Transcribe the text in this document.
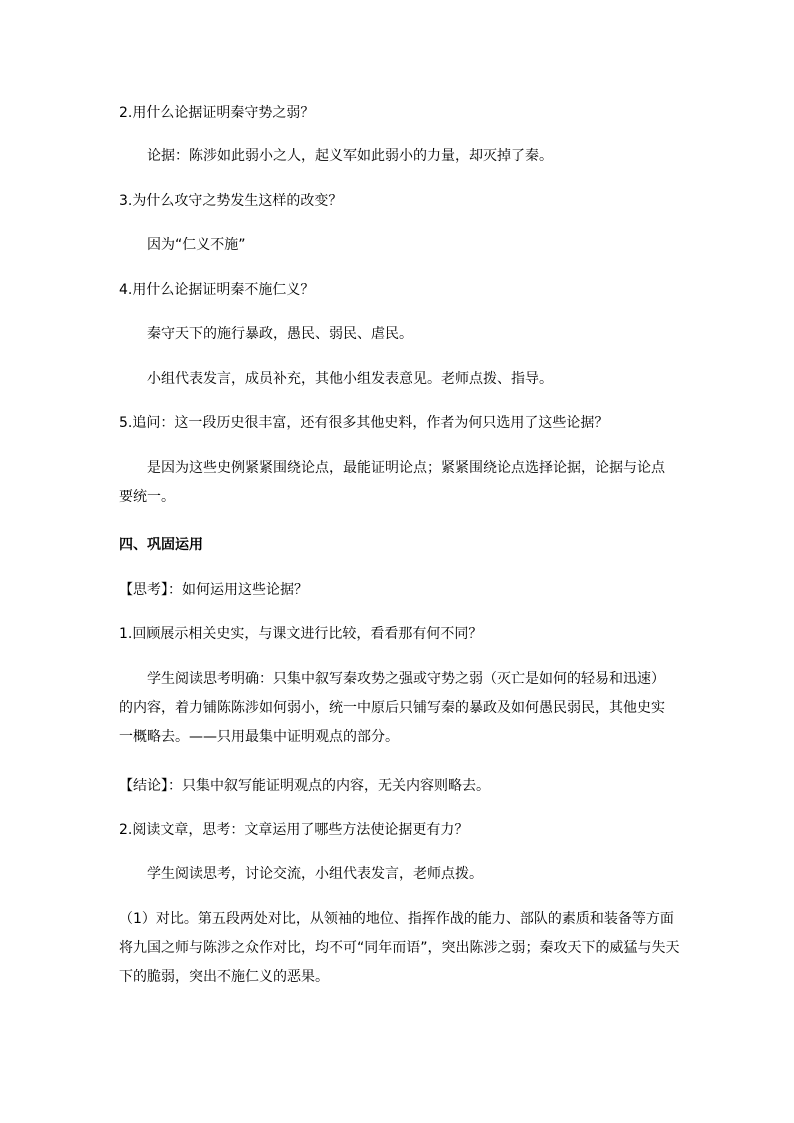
2.用什么论据证明秦守势之弱？
论据：陈涉如此弱小之人，起义军如此弱小的力量，却灭掉了秦。
3.为什么攻守之势发生这样的改变？
因为“仁义不施”
4.用什么论据证明秦不施仁义？
秦守天下的施行暴政，愚民、弱民、虐民。
小组代表发言，成员补充，其他小组发表意见。老师点拨、指导。
5.追问：这一段历史很丰富，还有很多其他史料，作者为何只选用了这些论据？
是因为这些史例紧紧围绕论点，最能证明论点；紧紧围绕论点选择论据，论据与论点要统一。
四、巩固运用
【思考】：如何运用这些论据？
1.回顾展示相关史实，与课文进行比较，看看那有何不同？
学生阅读思考明确：只集中叙写秦攻势之强或守势之弱（灭亡是如何的轻易和迅速）的内容，着力铺陈陈涉如何弱小，统一中原后只铺写秦的暴政及如何愚民弱民，其他史实一概略去。——只用最集中证明观点的部分。
【结论】：只集中叙写能证明观点的内容，无关内容则略去。
2.阅读文章，思考：文章运用了哪些方法使论据更有力？
学生阅读思考，讨论交流，小组代表发言，老师点拨。
（1）对比。第五段两处对比，从领袖的地位、指挥作战的能力、部队的素质和装备等方面将九国之师与陈涉之众作对比，均不可“同年而语”，突出陈涉之弱；秦攻天下的威猛与失天下的脆弱，突出不施仁义的恶果。
